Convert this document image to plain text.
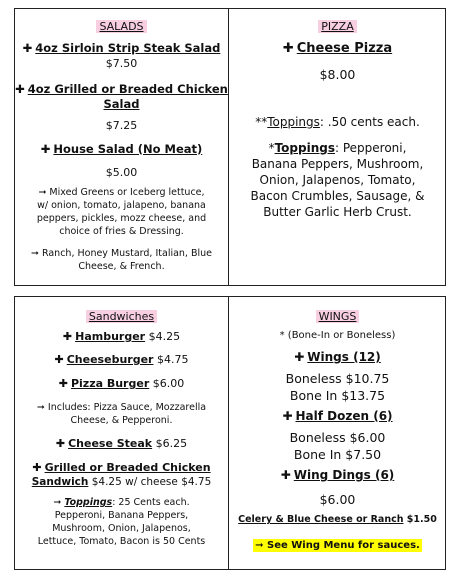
SALADS
✚ 4oz Sirloin Strip Steak Salad
$7.50
✚ 4oz Grilled or Breaded Chicken
Salad
$7.25
✚ House Salad (No Meat)
$5.00
➞ Mixed Greens or Iceberg lettuce,
w/ onion, tomato, jalapeno, banana
peppers, pickles, mozz cheese, and
choice of fries & Dressing.
➞ Ranch, Honey Mustard, Italian, Blue
Cheese, & French.
PIZZA
✚ Cheese Pizza
$8.00
**Toppings: .50 cents each.
*Toppings: Pepperoni,
Banana Peppers, Mushroom,
Onion, Jalapenos, Tomato,
Bacon Crumbles, Sausage, &
Butter Garlic Herb Crust.
Sandwiches
✚ Hamburger $4.25
✚ Cheeseburger $4.75
✚ Pizza Burger $6.00
➞ Includes: Pizza Sauce, Mozzarella
Cheese, & Pepperoni.
✚ Cheese Steak $6.25
✚ Grilled or Breaded Chicken
Sandwich $4.25 w/ cheese $4.75
➞ Toppings: 25 Cents each.
Pepperoni, Banana Peppers,
Mushroom, Onion, Jalapenos,
Lettuce, Tomato, Bacon is 50 Cents
WINGS
* (Bone-In or Boneless)
✚ Wings (12)
Boneless $10.75
Bone In $13.75
✚ Half Dozen (6)
Boneless $6.00
Bone In $7.50
✚ Wing Dings (6)
$6.00
Celery & Blue Cheese or Ranch $1.50
➞ See Wing Menu for sauces.
